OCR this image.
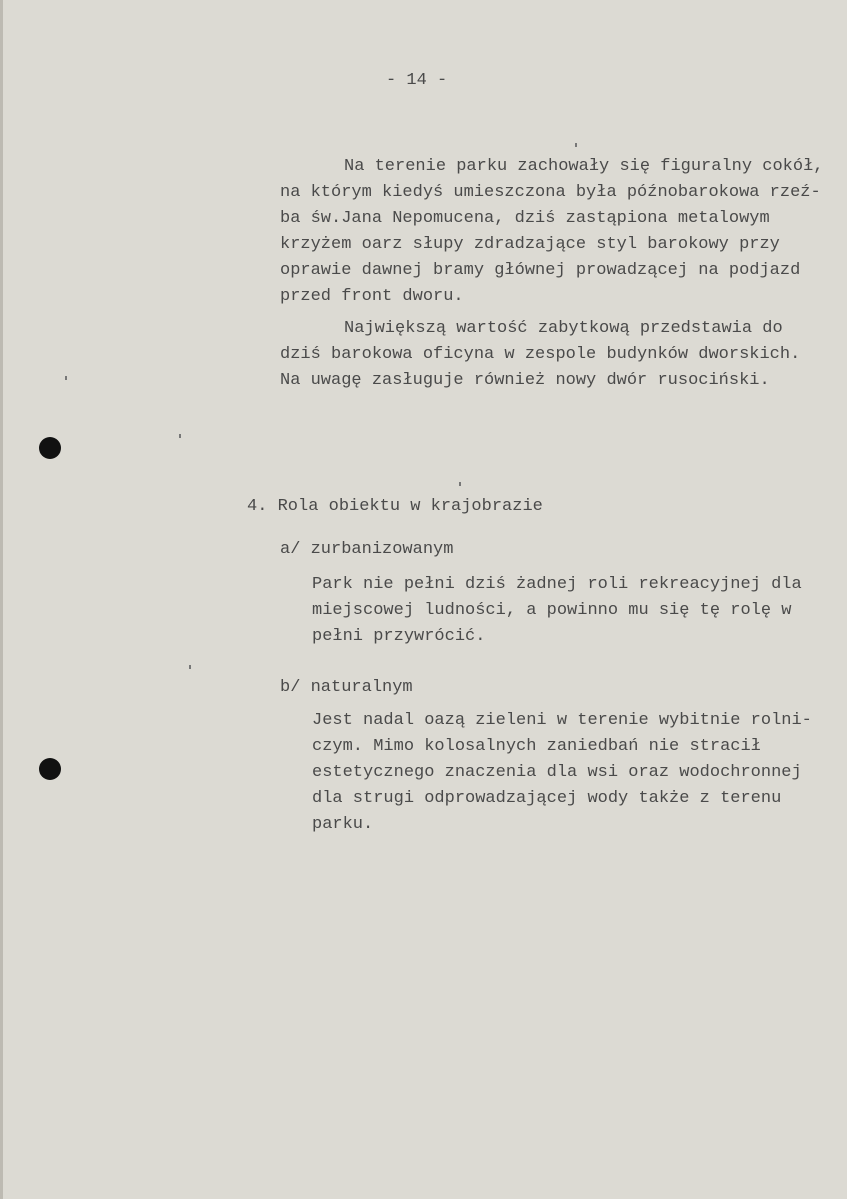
- 14 -
Na terenie parku zachowały się figuralny cokół,
na którym kiedyś umieszczona była późnobarokowa rzeź-
ba św.Jana Nepomucena, dziś zastąpiona metalowym
krzyżem oarz słupy zdradzające styl barokowy przy
oprawie dawnej bramy głównej prowadzącej na podjazd
przed front dworu.
Największą wartość zabytkową przedstawia do
dziś barokowa oficyna w zespole budynków dworskich.
Na uwagę zasługuje również nowy dwór rusociński.
4. Rola obiektu w krajobrazie
a/ zurbanizowanym
Park nie pełni dziś żadnej roli rekreacyjnej dla
miejscowej ludności, a powinno mu się tę rolę w
pełni przywrócić.
b/ naturalnym
Jest nadal oazą zieleni w terenie wybitnie rolni-
czym. Mimo kolosalnych zaniedbań nie stracił
estetycznego znaczenia dla wsi oraz wodochronnej
dla strugi odprowadzającej wody także z terenu
parku.
